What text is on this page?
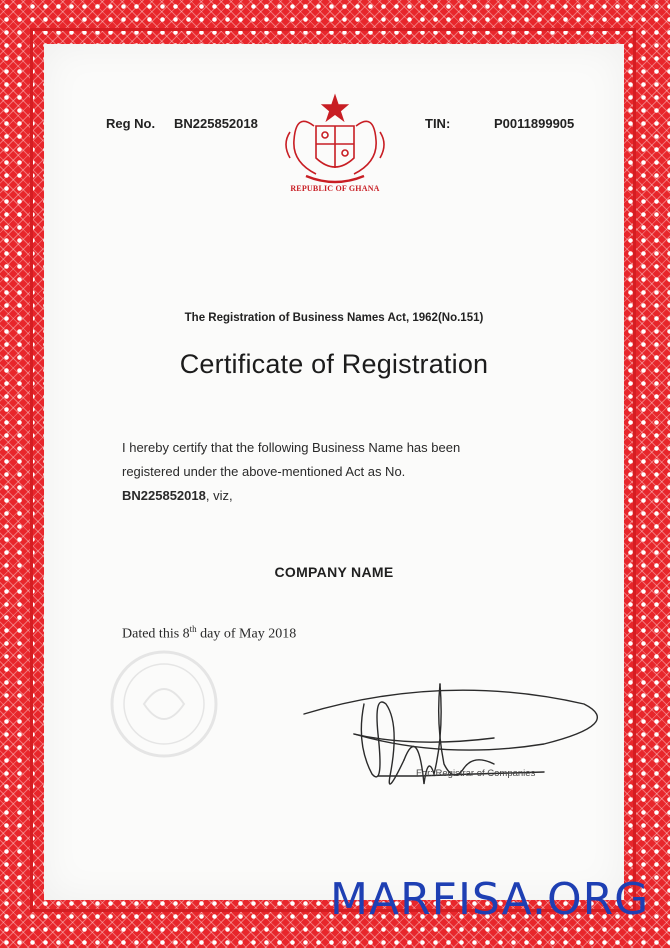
Reg No. BN225852018	TIN:	P0011899905
REPUBLIC OF GHANA
The Registration of Business Names Act, 1962(No.151)
Certificate of Registration
I hereby certify that the following Business Name has been
registered under the above-mentioned Act as No.
BN225852018, viz,
COMPANY NAME
Dated this 8th day of May 2018
For: Registrar of Companies
MARFISA.ORG
